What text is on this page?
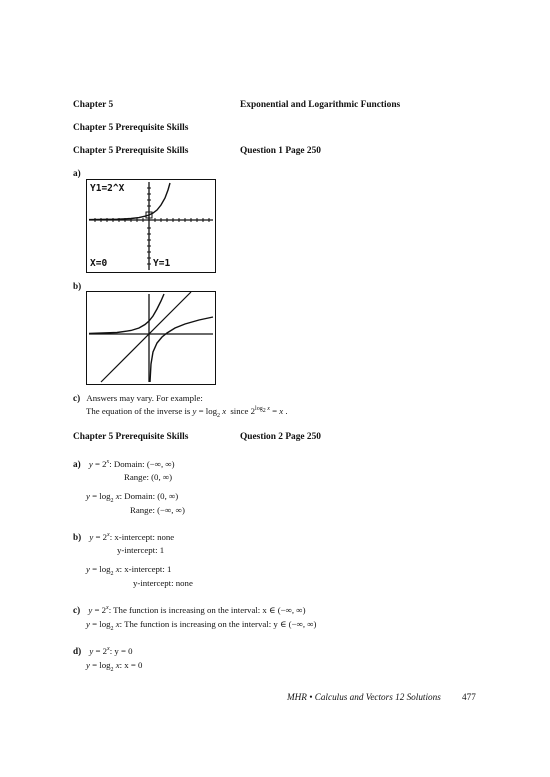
Chapter 5	Exponential and Logarithmic Functions
Chapter 5 Prerequisite Skills
Chapter 5 Prerequisite Skills	Question 1 Page 250
a)
Y1=2^X
X=0	Y=1
b)
c) Answers may vary. For example:
The equation of the inverse is $y = \log_2 x$ since $2^{log_2 x} = x$ .
Chapter 5 Prerequisite Skills	Question 2 Page 250
a) $y = 2^x$: Domain: (−∞, ∞)
Range: (0, ∞)
$y = \log_2 x$: Domain: (0, ∞)
Range: (−∞, ∞)
b) $y = 2^x$: x-intercept: none
y-intercept: 1
$y = \log_2 x$: x-intercept: 1
y-intercept: none
c) $y = 2^x$: The function is increasing on the interval: x ∈ (−∞, ∞)
$y = \log_2 x$: The function is increasing on the interval: y ∈ (−∞, ∞)
d) $y = 2^x$: y = 0
$y = \log_2 x$: x = 0
MHR • Calculus and Vectors 12 Solutions 477
